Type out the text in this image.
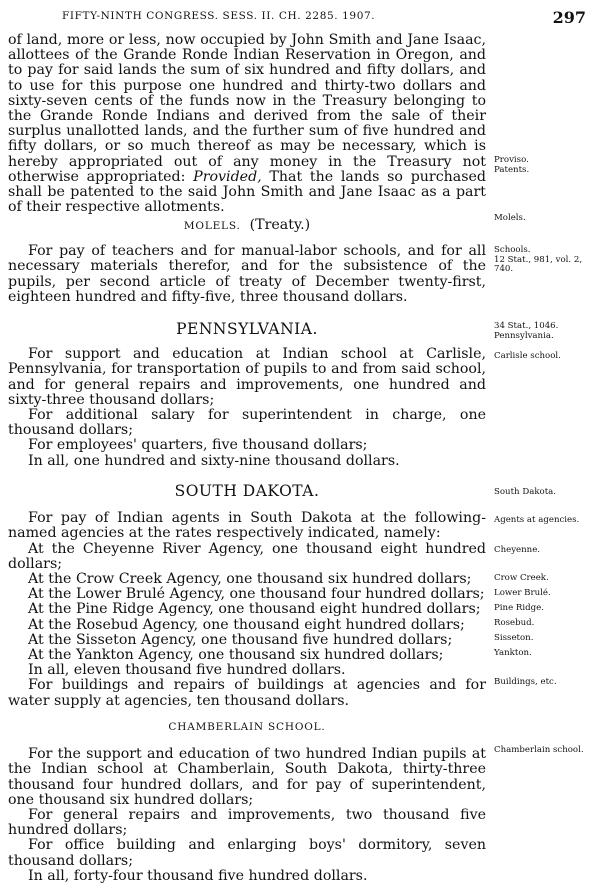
FIFTY-NINTH CONGRESS. SESS. II. CH. 2285. 1907.	297

of land, more or less, now occupied by John Smith and Jane Isaac, allottees of the Grande Ronde Indian Reservation in Oregon, and to pay for said lands the sum of six hundred and fifty dollars, and to use for this purpose one hundred and thirty-two dollars and sixty-seven cents of the funds now in the Treasury belonging to the Grande Ronde Indians and derived from the sale of their surplus unallotted lands, and the further sum of five hundred and fifty dollars, or so much thereof as may be necessary, which is hereby appropriated out of any money in the Treasury not otherwise appropriated: Provided, That the lands so purchased shall be patented to the said John Smith and Jane Isaac as a part of their respective allotments.

MOLELS. (Treaty.)

For pay of teachers and for manual-labor schools, and for all necessary materials therefor, and for the subsistence of the pupils, per second article of treaty of December twenty-first, eighteen hundred and fifty-five, three thousand dollars.

PENNSYLVANIA.

For support and education at Indian school at Carlisle, Pennsylvania, for transportation of pupils to and from said school, and for general repairs and improvements, one hundred and sixty-three thousand dollars;

For additional salary for superintendent in charge, one thousand dollars;

For employees' quarters, five thousand dollars;

In all, one hundred and sixty-nine thousand dollars.

SOUTH DAKOTA.

For pay of Indian agents in South Dakota at the following-named agencies at the rates respectively indicated, namely:

At the Cheyenne River Agency, one thousand eight hundred dollars;

At the Crow Creek Agency, one thousand six hundred dollars;

At the Lower Brulé Agency, one thousand four hundred dollars;

At the Pine Ridge Agency, one thousand eight hundred dollars;

At the Rosebud Agency, one thousand eight hundred dollars;

At the Sisseton Agency, one thousand five hundred dollars;

At the Yankton Agency, one thousand six hundred dollars;

In all, eleven thousand five hundred dollars.

For buildings and repairs of buildings at agencies and for water supply at agencies, ten thousand dollars.

CHAMBERLAIN SCHOOL.

For the support and education of two hundred Indian pupils at the Indian school at Chamberlain, South Dakota, thirty-three thousand four hundred dollars, and for pay of superintendent, one thousand six hundred dollars;

For general repairs and improvements, two thousand five hundred dollars;

For office building and enlarging boys' dormitory, seven thousand dollars;

In all, forty-four thousand five hundred dollars.

Proviso.
Patents.
Molels.
Schools.
12 Stat., 981, vol. 2, 740.
34 Stat., 1046.
Pennsylvania.
Carlisle school.
South Dakota.
Agents at agencies.
Cheyenne.
Crow Creek.
Lower Brulé.
Pine Ridge.
Rosebud.
Sisseton.
Yankton.
Buildings, etc.
Chamberlain school.
